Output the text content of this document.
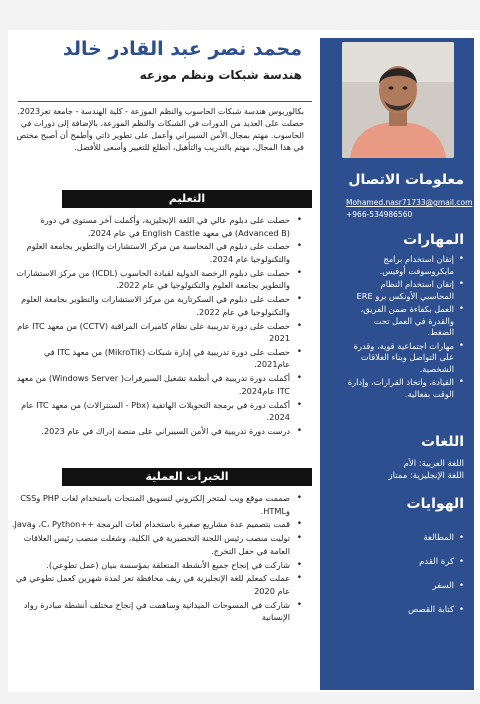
محمد نصر عبد القادر خالد
هندسة شبكات ونظم موزعه
بكالوريوس هندسة شبكات الحاسوب والنظم الموزعة - كلية الهندسة - جامعة تعز2023. حصلت على العديد من الدورات في الشبكات والنظم الموزعة، بالإضافة إلى دورات في الحاسوب. مهتم بمجال الأمن السيبراني وأعمل على تطوير ذاتي وأطمح أن أصبح مختص في هذا المجال، مهتم بالتدريب والتأهيل، أتطلع للتغيير وأسعى للأفضل.
التعليم
• حصلت على دبلوم عالي في اللغة الإنجليزية، وأكملت آخر مستوى في دورة (Advanced B) في معهد English Castle في عام 2024.
• حصلت على دبلوم في المحاسبة من مركز الاستشارات والتطوير بجامعة العلوم والتكنولوجيا عام 2024.
• حصلت على دبلوم الرخصة الدولية لقيادة الحاسوب (ICDL) من مركز الاستشارات والتطوير بجامعة العلوم والتكنولوجيا في عام 2022.
• حصلت على دبلوم في السكرتارية من مركز الاستشارات والتطوير بجامعة العلوم والتكنولوجيا في عام 2022.
• حصلت على دورة تدريبية على نظام كاميرات المراقبة (CCTV) من معهد ITC عام 2021
• حصلت على دورة تدريبية في إدارة شبكات (MikroTik) من معهد ITC في عام2021.
• أكملت دورة تدريبية في أنظمة تشغيل السيرفرات( Windows Server) من معهد ITC عام2024.
• أكملت دورة في برمجة التحويلات الهاتفية (Pbx - السنترالات) من معهد ITC عام 2024.
• درست دورة تدريبية في الأمن السيبراني على منصة إدراك في عام 2023.
الخبرات العملية
• صممت موقع ويب لمتجر إلكتروني لتسويق المنتجات باستخدام لغات PHP وCSS وHTML.
• قمت بتصميم عدة مشاريع صغيرة باستخدام لغات البرمجة ++C، Python، وJava.
• توليت منصب رئيس اللجنة التحضيرية في الكلية، وشغلت منصب رئيس العلاقات العامة في حفل التخرج.
• شاركت في إنجاح جميع الأنشطة المتعلقة بمؤسسة بنيان (عمل تطوعي).
• عملت كمعلم للغة الإنجليزية في ريف محافظة تعز لمدة شهرين كعمل تطوعي في عام 2020
• شاركت في المسوحات الميدانية وساهمت في إنجاح مختلف أنشطة مبادرة رواد الإنسانية
معلومات الاتصال
Mohamed.nasr71733@gmail.com
+966-534986560
المهارات
• إتقان استخدام برامج مايكروسوفت أوفيس.
• إتقان استخدام النظام المحاسبي الأونكس برو ERE
• العمل بكفاءة ضمن الفريق، والقدرة في العمل تحت الضغط.
• مهارات اجتماعية قوية، وقدرة على التواصل وبناء العلاقات الشخصية.
• القيادة، واتخاذ القرارات، وإدارة الوقت بفعالية.
اللغات
اللغة العربية: الأم
اللغة الإنجليزية: ممتاز
الهوايات
• المطالعة
• كرة القدم
• السفر
• كتابة القصص
